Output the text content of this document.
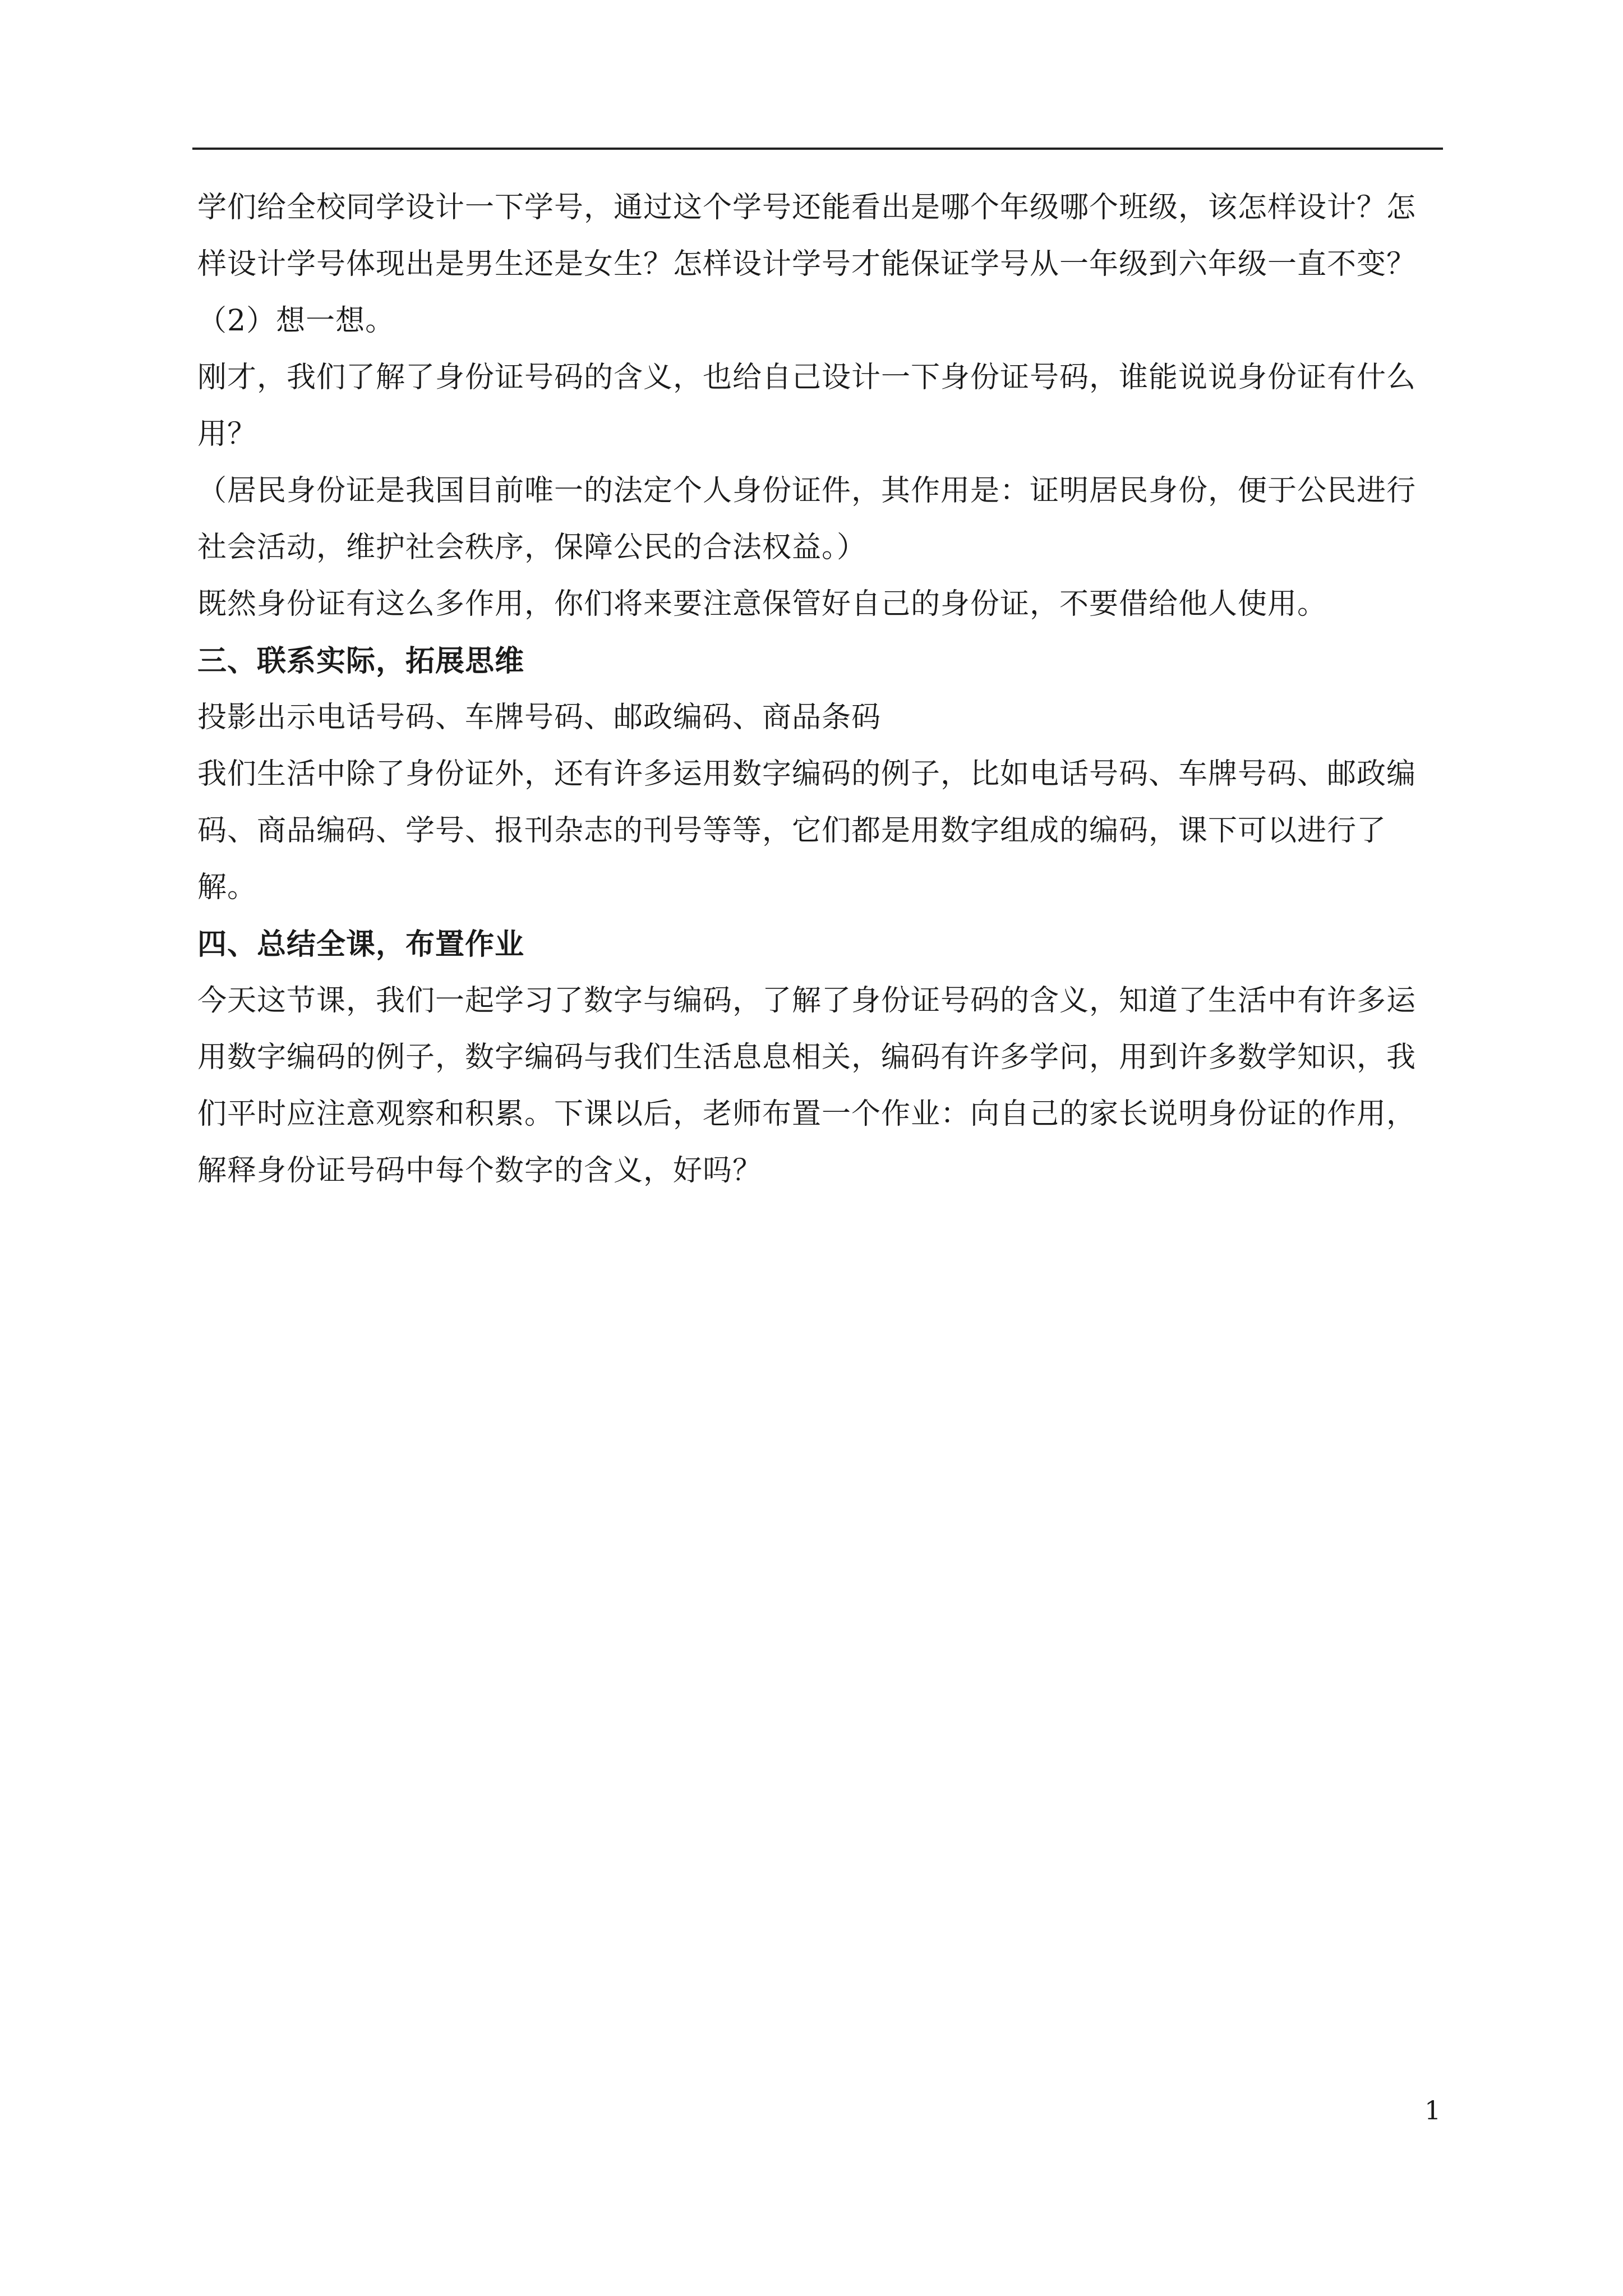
学们给全校同学设计一下学号，通过这个学号还能看出是哪个年级哪个班级，该怎样设计？怎样设计学号体现出是男生还是女生？怎样设计学号才能保证学号从一年级到六年级一直不变？

（2）想一想。

刚才，我们了解了身份证号码的含义，也给自己设计一下身份证号码，谁能说说身份证有什么用？

（居民身份证是我国目前唯一的法定个人身份证件，其作用是：证明居民身份，便于公民进行社会活动，维护社会秩序，保障公民的合法权益。）

既然身份证有这么多作用，你们将来要注意保管好自己的身份证，不要借给他人使用。

三、联系实际，拓展思维

投影出示电话号码、车牌号码、邮政编码、商品条码

我们生活中除了身份证外，还有许多运用数字编码的例子，比如电话号码、车牌号码、邮政编码、商品编码、学号、报刊杂志的刊号等等，它们都是用数字组成的编码，课下可以进行了解。

四、总结全课，布置作业

今天这节课，我们一起学习了数字与编码，了解了身份证号码的含义，知道了生活中有许多运用数字编码的例子，数字编码与我们生活息息相关，编码有许多学问，用到许多数学知识，我们平时应注意观察和积累。下课以后，老师布置一个作业：向自己的家长说明身份证的作用，解释身份证号码中每个数字的含义，好吗？

1
